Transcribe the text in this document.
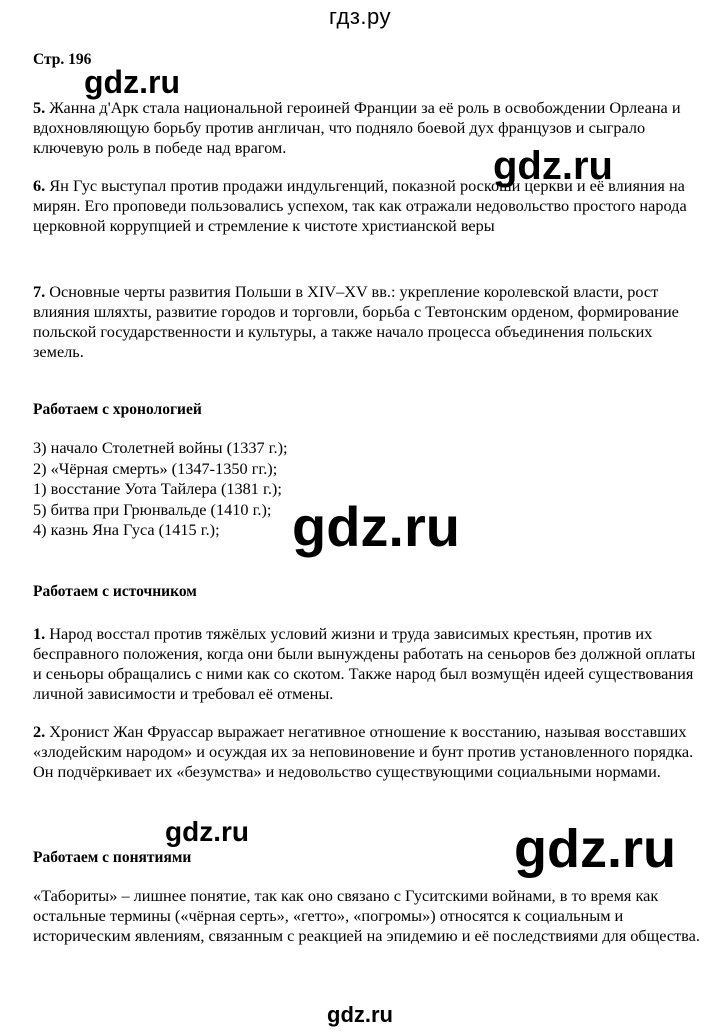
гдз.ру
Стр. 196
5. Жанна д'Арк стала национальной героиней Франции за её роль в освобождении Орлеана и вдохновляющую борьбу против англичан, что подняло боевой дух французов и сыграло ключевую роль в победе над врагом.
6. Ян Гус выступал против продажи индульгенций, показной роскоши церкви и её влияния на мирян. Его проповеди пользовались успехом, так как отражали недовольство простого народа церковной коррупцией и стремление к чистоте христианской веры
7. Основные черты развития Польши в XIV–XV вв.: укрепление королевской власти, рост влияния шляхты, развитие городов и торговли, борьба с Тевтонским орденом, формирование польской государственности и культуры, а также начало процесса объединения польских земель.
Работаем с хронологией
3) начало Столетней войны (1337 г.);
2) «Чёрная смерть» (1347-1350 гг.);
1) восстание Уота Тайлера (1381 г.);
5) битва при Грюнвальде (1410 г.);
4) казнь Яна Гуса (1415 г.);
Работаем с источником
1. Народ восстал против тяжёлых условий жизни и труда зависимых крестьян, против их бесправного положения, когда они были вынуждены работать на сеньоров без должной оплаты и сеньоры обращались с ними как со скотом. Также народ был возмущён идеей существования личной зависимости и требовал её отмены.
2. Хронист Жан Фруассар выражает негативное отношение к восстанию, называя восставших «злодейским народом» и осуждая их за неповиновение и бунт против установленного порядка. Он подчёркивает их «безумства» и недовольство существующими социальными нормами.
Работаем с понятиями
«Табориты» – лишнее понятие, так как оно связано с Гуситскими войнами, в то время как остальные термины («чёрная серть», «гетто», «погромы») относятся к социальным и историческим явлениям, связанным с реакцией на эпидемию и её последствиями для общества.
gdz.ru
gdz.ru
gdz.ru
gdz.ru	gdz.ru
gdz.ru
